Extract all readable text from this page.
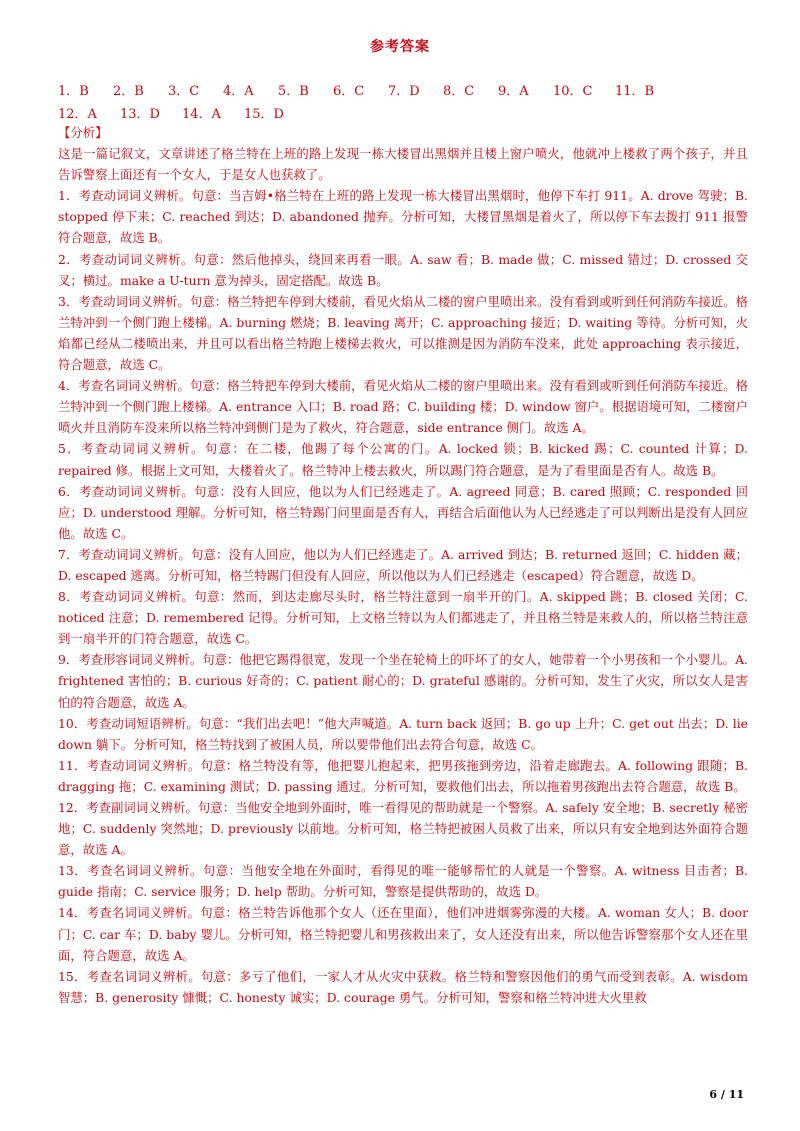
参考答案
1．B	2．B	3．C	4．A	5．B	6．C	7．D	8．C	9．A	10．C	11．B
12．A	13．D	14．A	15．D

【分析】

这是一篇记叙文，文章讲述了格兰特在上班的路上发现一栋大楼冒出黑烟并且楼上窗户喷火，他就冲上楼救了两个孩子，并且告诉警察上面还有一个女人，于是女人也获救了。

1．考查动词词义辨析。句意：当吉姆•格兰特在上班的路上发现一栋大楼冒出黑烟时，他停下车打 911。A. drove 驾驶；B. stopped 停下来；C. reached 到达；D. abandoned 抛弃。分析可知，大楼冒黑烟是着火了，所以停下车去拨打 911 报警符合题意，故选 B。

2．考查动词词义辨析。句意：然后他掉头，绕回来再看一眼。A. saw 看；B. made 做；C. missed 错过；D. crossed 交叉；横过。make a U-turn 意为掉头，固定搭配。故选 B。

3．考查动词词义辨析。句意：格兰特把车停到大楼前，看见火焰从二楼的窗户里喷出来。没有看到或听到任何消防车接近。格兰特冲到一个侧门跑上楼梯。A. burning 燃烧；B. leaving 离开；C. approaching 接近；D. waiting 等待。分析可知，火焰都已经从二楼喷出来，并且可以看出格兰特跑上楼梯去救火，可以推测是因为消防车没来，此处 approaching 表示接近，符合题意，故选 C。

4．考查名词词义辨析。句意：格兰特把车停到大楼前，看见火焰从二楼的窗户里喷出来。没有看到或听到任何消防车接近。格兰特冲到一个侧门跑上楼梯。A. entrance 入口；B. road 路；C. building 楼；D. window 窗户。根据语境可知，二楼窗户喷火并且消防车没来所以格兰特冲到侧门是为了救火，符合题意，side entrance 侧门。故选 A。

5．考查动词词义辨析。句意：在二楼，他踢了每个公寓的门。A. locked 锁；B. kicked 踢；C. counted 计算；D. repaired 修。根据上文可知，大楼着火了。格兰特冲上楼去救火，所以踢门符合题意，是为了看里面是否有人。故选 B。

6．考查动词词义辨析。句意：没有人回应，他以为人们已经逃走了。A. agreed 同意；B. cared 照顾；C. responded 回应；D. understood 理解。分析可知，格兰特踢门问里面是否有人，再结合后面他认为人已经逃走了可以判断出是没有人回应他。故选 C。

7．考查动词词义辨析。句意：没有人回应，他以为人们已经逃走了。A. arrived 到达；B. returned 返回；C. hidden 藏；D. escaped 逃离。分析可知，格兰特踢门但没有人回应，所以他以为人们已经逃走（escaped）符合题意，故选 D。

8．考查动词词义辨析。句意：然而，到达走廊尽头时，格兰特注意到一扇半开的门。A. skipped 跳；B. closed 关闭；C. noticed 注意；D. remembered 记得。分析可知，上文格兰特以为人们都逃走了，并且格兰特是来救人的，所以格兰特注意到一扇半开的门符合题意，故选 C。

9．考查形容词词义辨析。句意：他把它踢得很宽，发现一个坐在轮椅上的吓坏了的女人，她带着一个小男孩和一个小婴儿。A. frightened 害怕的；B. curious 好奇的；C. patient 耐心的；D. grateful 感谢的。分析可知，发生了火灾，所以女人是害怕的符合题意，故选 A。

10．考查动词短语辨析。句意：“我们出去吧！”他大声喊道。A. turn back 返回；B. go up 上升；C. get out 出去；D. lie down 躺下。分析可知，格兰特找到了被困人员，所以要带他们出去符合句意，故选 C。

11．考查动词词义辨析。句意：格兰特没有等，他把婴儿抱起来，把男孩拖到旁边，沿着走廊跑去。A. following 跟随；B. dragging 拖；C. examining 测试；D. passing 通过。分析可知，要救他们出去，所以拖着男孩跑出去符合题意，故选 B。

12．考查副词词义辨析。句意：当他安全地到外面时，唯一看得见的帮助就是一个警察。A. safely 安全地；B. secretly 秘密地；C. suddenly 突然地；D. previously 以前地。分析可知，格兰特把被困人员救了出来，所以只有安全地到达外面符合题意，故选 A。

13．考查名词词义辨析。句意：当他安全地在外面时，看得见的唯一能够帮忙的人就是一个警察。A. witness 目击者；B. guide 指南；C. service 服务；D. help 帮助。分析可知，警察是提供帮助的，故选 D。

14．考查名词词义辨析。句意：格兰特告诉他那个女人（还在里面），他们冲进烟雾弥漫的大楼。A. woman 女人；B. door 门；C. car 车；D. baby 婴儿。分析可知，格兰特把婴儿和男孩救出来了，女人还没有出来，所以他告诉警察那个女人还在里面，符合题意，故选 A。

15．考查名词词义辨析。句意：多亏了他们，一家人才从火灾中获救。格兰特和警察因他们的勇气而受到表彰。A. wisdom 智慧；B. generosity 慷慨；C. honesty 诚实；D. courage 勇气。分析可知，警察和格兰特冲进大火里救

6 / 11
